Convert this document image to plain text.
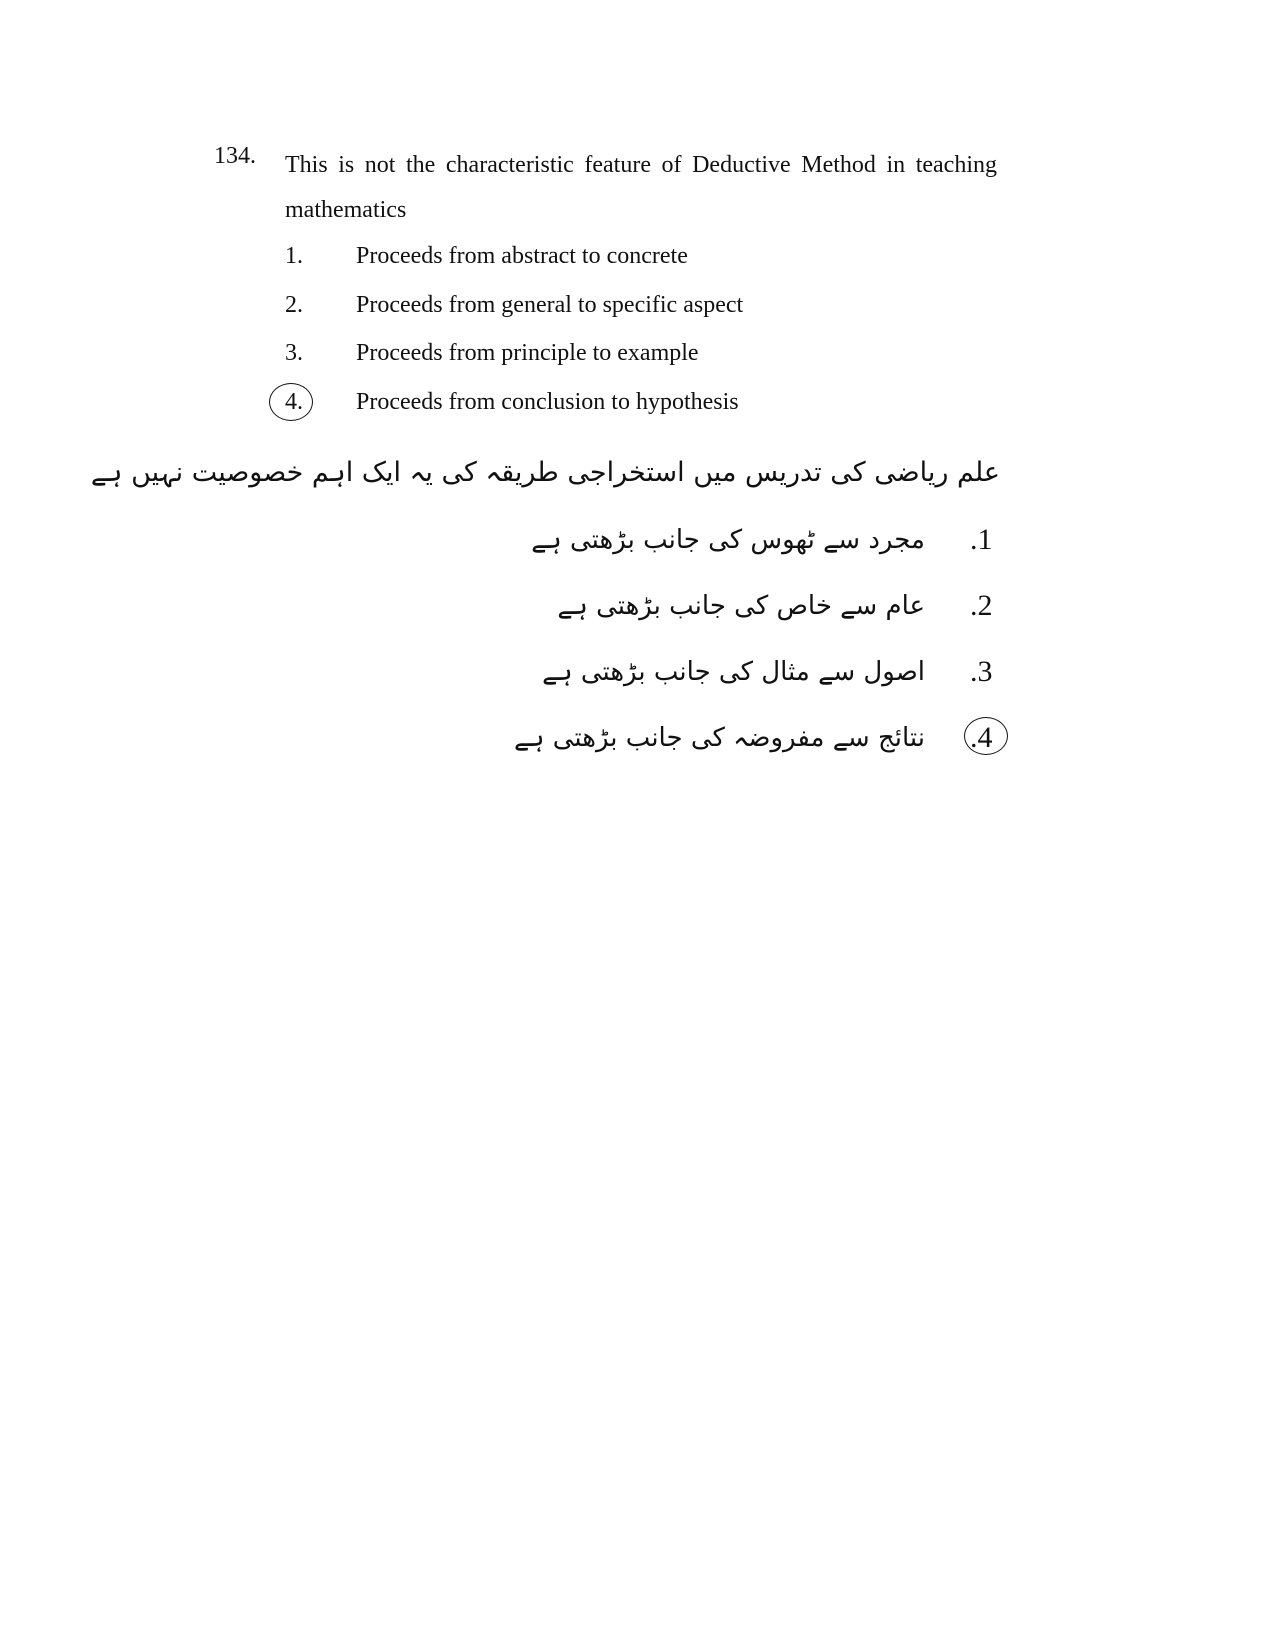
134. This is not the characteristic feature of Deductive Method in teaching mathematics
1.	Proceeds from abstract to concrete
2.	Proceeds from general to specific aspect
3.	Proceeds from principle to example
4.	Proceeds from conclusion to hypothesis
علم ریاضی کی تدریس میں استخراجی طریقہ کی یہ ایک اہم خصوصیت نہیں ہے
مجرد سے ٹھوس کی جانب بڑھتی ہے .1
عام سے خاص کی جانب بڑھتی ہے .2
اصول سے مثال کی جانب بڑھتی ہے .3
نتائج سے مفروضہ کی جانب بڑھتی ہے .4
